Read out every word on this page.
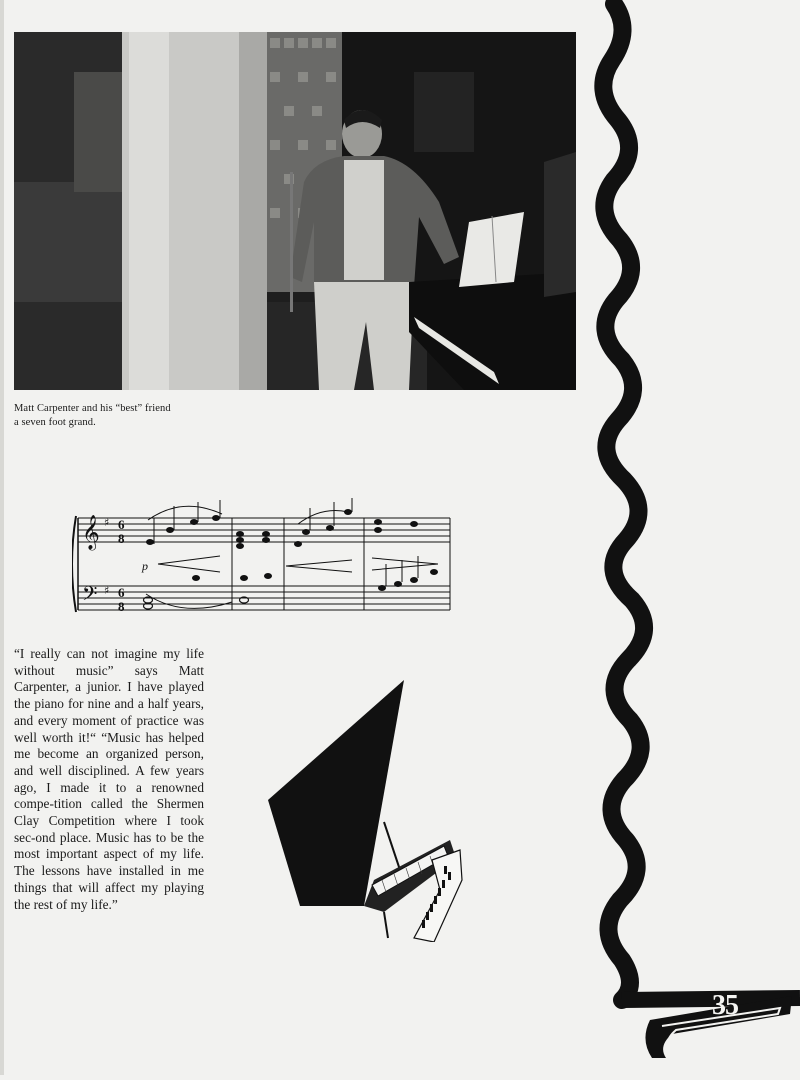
Matt Carpenter and his “best” friend
a seven foot grand.
𝄞
𝄢
♯
♯
6
8
6
8
p
“I really can not imagine my life without music” says Matt Carpenter, a junior. I have played the piano for nine and a half years, and every moment of practice was well worth it!“ “Music has helped me become an organized person, and well disciplined. A few years ago, I made it to a renowned compe-tition called the Shermen Clay Competition where I took sec-ond place. Music has to be the most important aspect of my life. The lessons have installed in me things that will affect my playing the rest of my life.”
35
